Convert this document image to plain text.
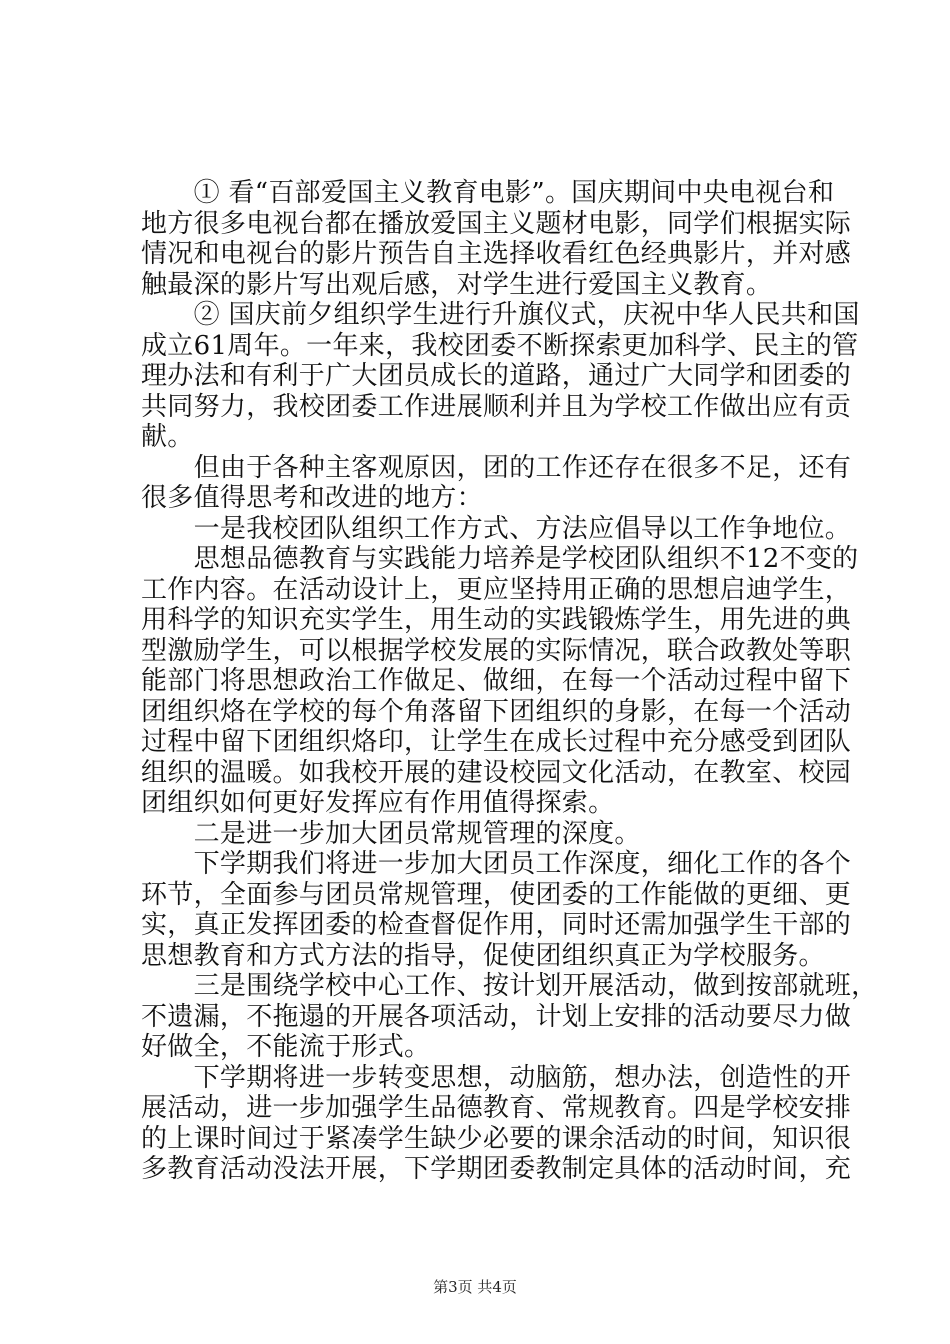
　　① 看“百部爱国主义教育电影”。国庆期间中央电视台和
地方很多电视台都在播放爱国主义题材电影，同学们根据实际
情况和电视台的影片预告自主选择收看红色经典影片，并对感
触最深的影片写出观后感，对学生进行爱国主义教育。
　　② 国庆前夕组织学生进行升旗仪式，庆祝中华人民共和国
成立61周年。一年来，我校团委不断探索更加科学、民主的管
理办法和有利于广大团员成长的道路，通过广大同学和团委的
共同努力，我校团委工作进展顺利并且为学校工作做出应有贡
献。
　　但由于各种主客观原因，团的工作还存在很多不足，还有
很多值得思考和改进的地方：
　　一是我校团队组织工作方式、方法应倡导以工作争地位。
　　思想品德教育与实践能力培养是学校团队组织不12不变的
工作内容。在活动设计上，更应坚持用正确的思想启迪学生，
用科学的知识充实学生，用生动的实践锻炼学生，用先进的典
型激励学生，可以根据学校发展的实际情况，联合政教处等职
能部门将思想政治工作做足、做细，在每一个活动过程中留下
团组织烙在学校的每个角落留下团组织的身影，在每一个活动
过程中留下团组织烙印，让学生在成长过程中充分感受到团队
组织的温暖。如我校开展的建设校园文化活动，在教室、校园
团组织如何更好发挥应有作用值得探索。
　　二是进一步加大团员常规管理的深度。
　　下学期我们将进一步加大团员工作深度，细化工作的各个
环节，全面参与团员常规管理，使团委的工作能做的更细、更
实，真正发挥团委的检查督促作用，同时还需加强学生干部的
思想教育和方式方法的指导，促使团组织真正为学校服务。
　　三是围绕学校中心工作、按计划开展活动，做到按部就班，
不遗漏，不拖遢的开展各项活动，计划上安排的活动要尽力做
好做全，不能流于形式。
　　下学期将进一步转变思想，动脑筋，想办法，创造性的开
展活动，进一步加强学生品德教育、常规教育。四是学校安排
的上课时间过于紧凑学生缺少必要的课余活动的时间，知识很
多教育活动没法开展，下学期团委教制定具体的活动时间，充
第3页 共4页
